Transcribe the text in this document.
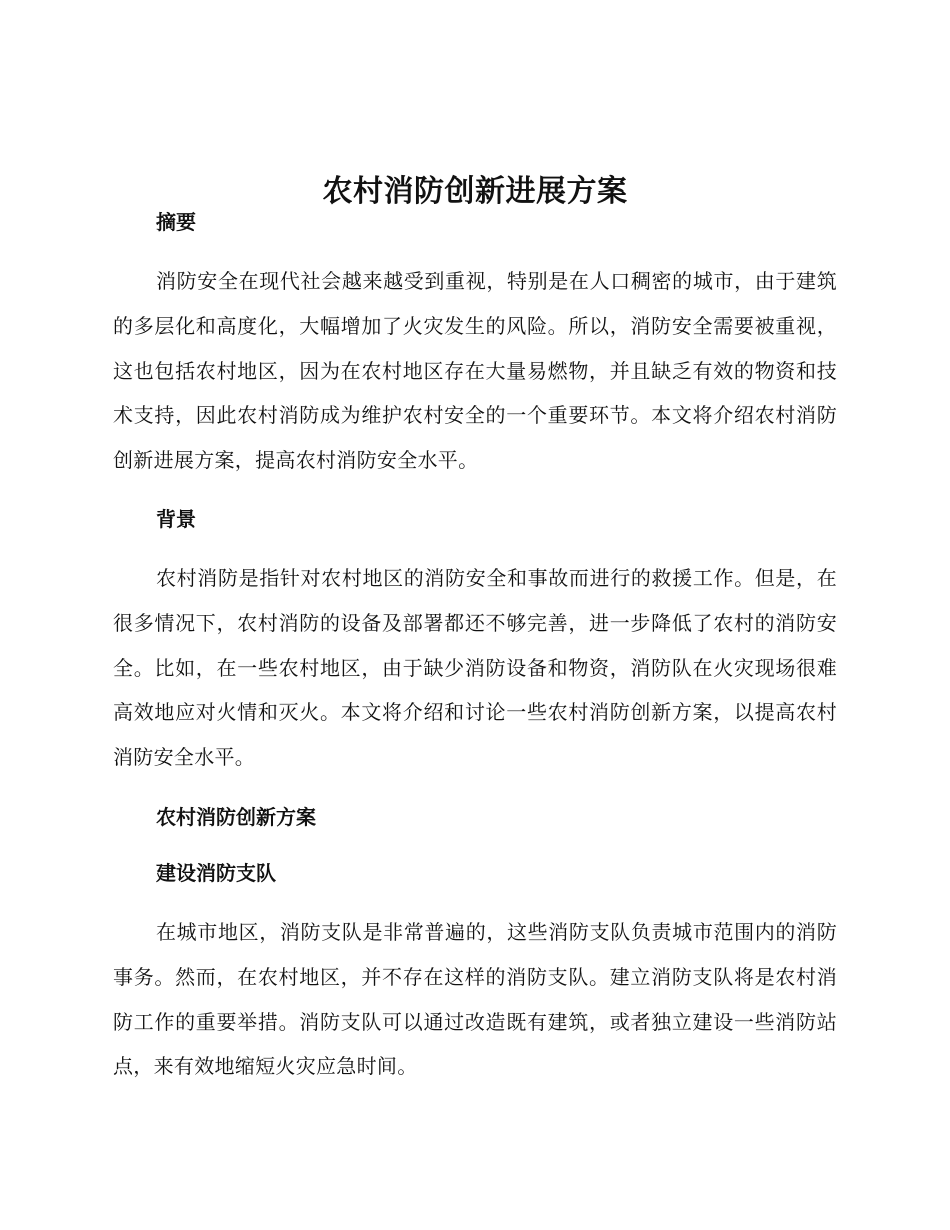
农村消防创新进展方案
摘要

消防安全在现代社会越来越受到重视，特别是在人口稠密的城市，由于建筑的多层化和高度化，大幅增加了火灾发生的风险。所以，消防安全需要被重视，这也包括农村地区，因为在农村地区存在大量易燃物，并且缺乏有效的物资和技术支持，因此农村消防成为维护农村安全的一个重要环节。本文将介绍农村消防创新进展方案，提高农村消防安全水平。

背景

农村消防是指针对农村地区的消防安全和事故而进行的救援工作。但是，在很多情况下，农村消防的设备及部署都还不够完善，进一步降低了农村的消防安全。比如，在一些农村地区，由于缺少消防设备和物资，消防队在火灾现场很难高效地应对火情和灭火。本文将介绍和讨论一些农村消防创新方案，以提高农村消防安全水平。

农村消防创新方案
建设消防支队

在城市地区，消防支队是非常普遍的，这些消防支队负责城市范围内的消防事务。然而，在农村地区，并不存在这样的消防支队。建立消防支队将是农村消防工作的重要举措。消防支队可以通过改造既有建筑，或者独立建设一些消防站点，来有效地缩短火灾应急时间。
